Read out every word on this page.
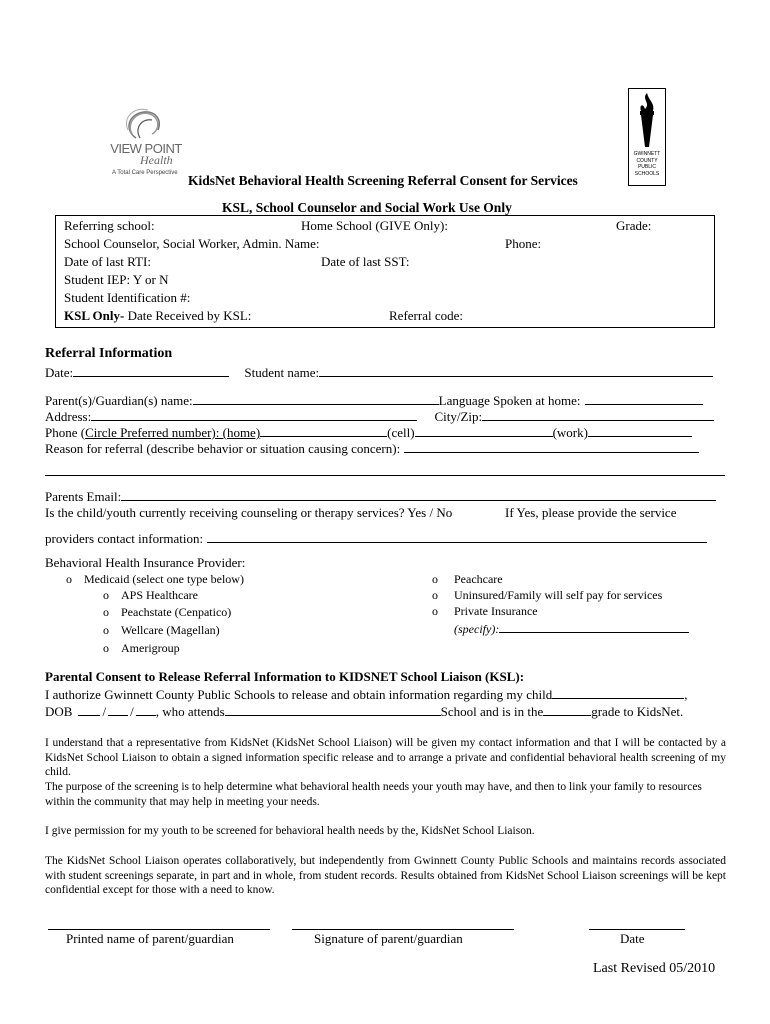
VIEW POINT
Health
A Total Care Perspective
GWINNETT
COUNTY
PUBLIC
SCHOOLS
KidsNet Behavioral Health Screening Referral Consent for Services
KSL, School Counselor and Social Work Use Only
Referring school:	Home School (GIVE Only):	Grade:
School Counselor, Social Worker, Admin. Name:	Phone:
Date of last RTI:	Date of last SST:
Student IEP: Y or N
Student Identification #:
KSL Only- Date Received by KSL:	Referral code:
Referral Information
Date:	Student name:
Parent(s)/Guardian(s) name:	Language Spoken at home:
Address:	City/Zip:
Phone (Circle Preferred number): (home)	(cell)	(work)
Reason for referral (describe behavior or situation causing concern):
Parents Email:
Is the child/youth currently receiving counseling or therapy services? Yes / No	If Yes, please provide the service
providers contact information:
Behavioral Health Insurance Provider:
o Medicaid (select one type below)
o APS Healthcare
o Peachstate (Cenpatico)
o Wellcare (Magellan)
o Amerigroup
o Peachcare
o Uninsured/Family will self pay for services
o Private Insurance
(specify):
Parental Consent to Release Referral Information to KIDSNET School Liaison (KSL):
I authorize Gwinnett County Public Schools to release and obtain information regarding my child	,
DOB / / , who attends	School and is in the	grade to KidsNet.
I understand that a representative from KidsNet (KidsNet School Liaison) will be given my contact information and that I will be contacted by a KidsNet School Liaison to obtain a signed information specific release and to arrange a private and confidential behavioral health screening of my child.
The purpose of the screening is to help determine what behavioral health needs your youth may have, and then to link your family to resources within the community that may help in meeting your needs.
I give permission for my youth to be screened for behavioral health needs by the, KidsNet School Liaison.
The KidsNet School Liaison operates collaboratively, but independently from Gwinnett County Public Schools and maintains records associated with student screenings separate, in part and in whole, from student records. Results obtained from KidsNet School Liaison screenings will be kept confidential except for those with a need to know.
Printed name of parent/guardian	Signature of parent/guardian	Date
Last Revised 05/2010
